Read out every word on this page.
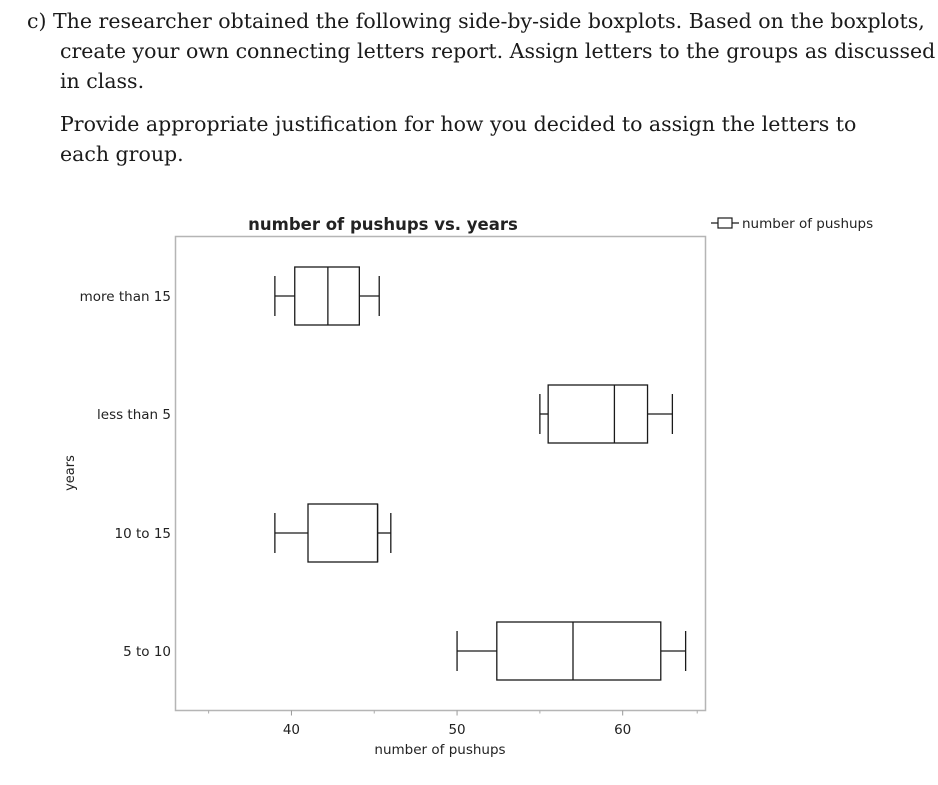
c) The researcher obtained the following side-by-side boxplots. Based on the boxplots, create your own connecting letters report. Assign letters to the groups as discussed in class.

Provide appropriate justification for how you decided to assign the letters to each group.

number of pushups vs. years	number of pushups
years
number of pushups
40	50	60
more than 15
less than 5
10 to 15
5 to 10
